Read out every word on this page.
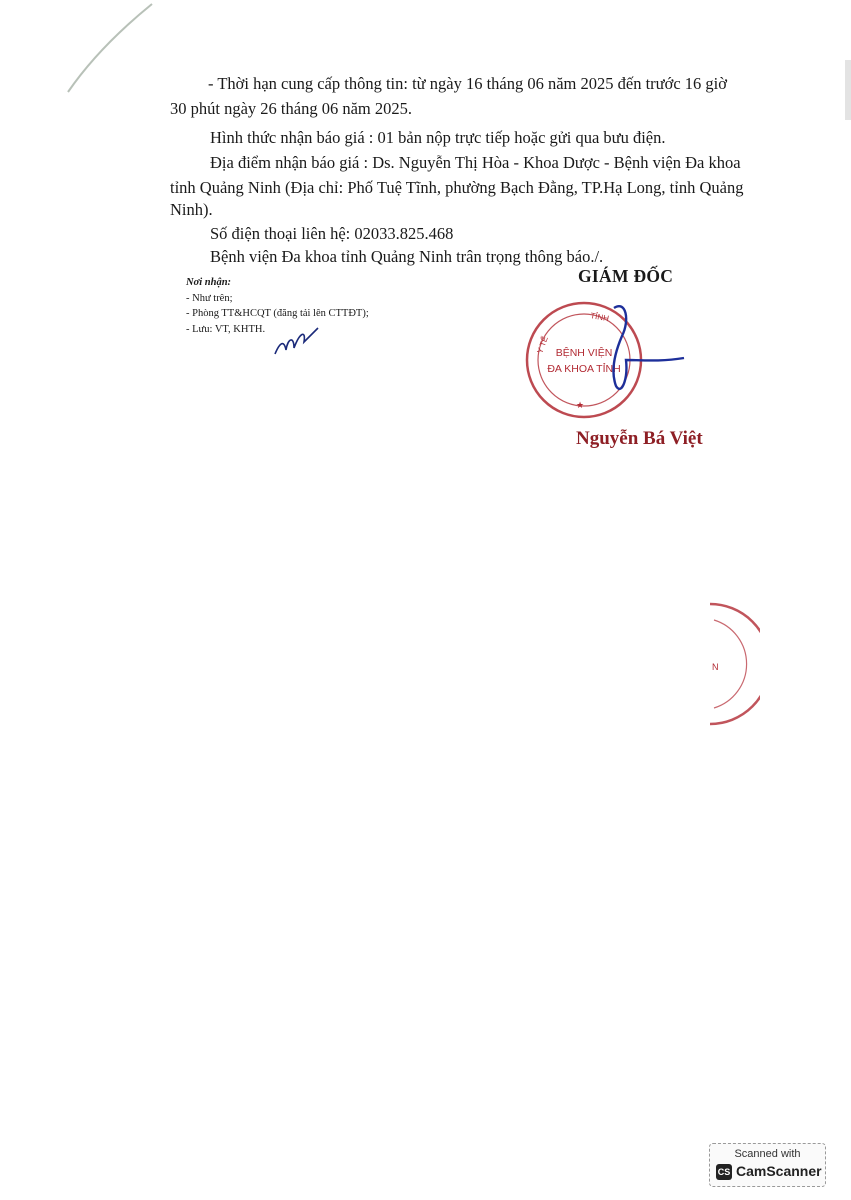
- Thời hạn cung cấp thông tin: từ ngày 16 tháng 06 năm 2025 đến trước 16 giờ
30 phút ngày 26 tháng 06 năm 2025.
Hình thức nhận báo giá : 01 bản nộp trực tiếp hoặc gửi qua bưu điện.
Địa điểm nhận báo giá : Ds. Nguyễn Thị Hòa - Khoa Dược - Bệnh viện Đa khoa
tỉnh Quảng Ninh (Địa chỉ: Phố Tuệ Tĩnh, phường Bạch Đằng, TP.Hạ Long, tỉnh Quảng
Ninh).
Số điện thoại liên hệ: 02033.825.468
Bệnh viện Đa khoa tỉnh Quảng Ninh trân trọng thông báo./.
Nơi nhận:
- Như trên;
- Phòng TT&HCQT (đăng tải lên CTTĐT);
- Lưu: VT, KHTH.
GIÁM ĐỐC
TỈNH
Y TẾ BỆNH VIỆN
ĐA KHOA TỈNH
★
Nguyễn Bá Việt
N
Scanned with
CS CamScanner
